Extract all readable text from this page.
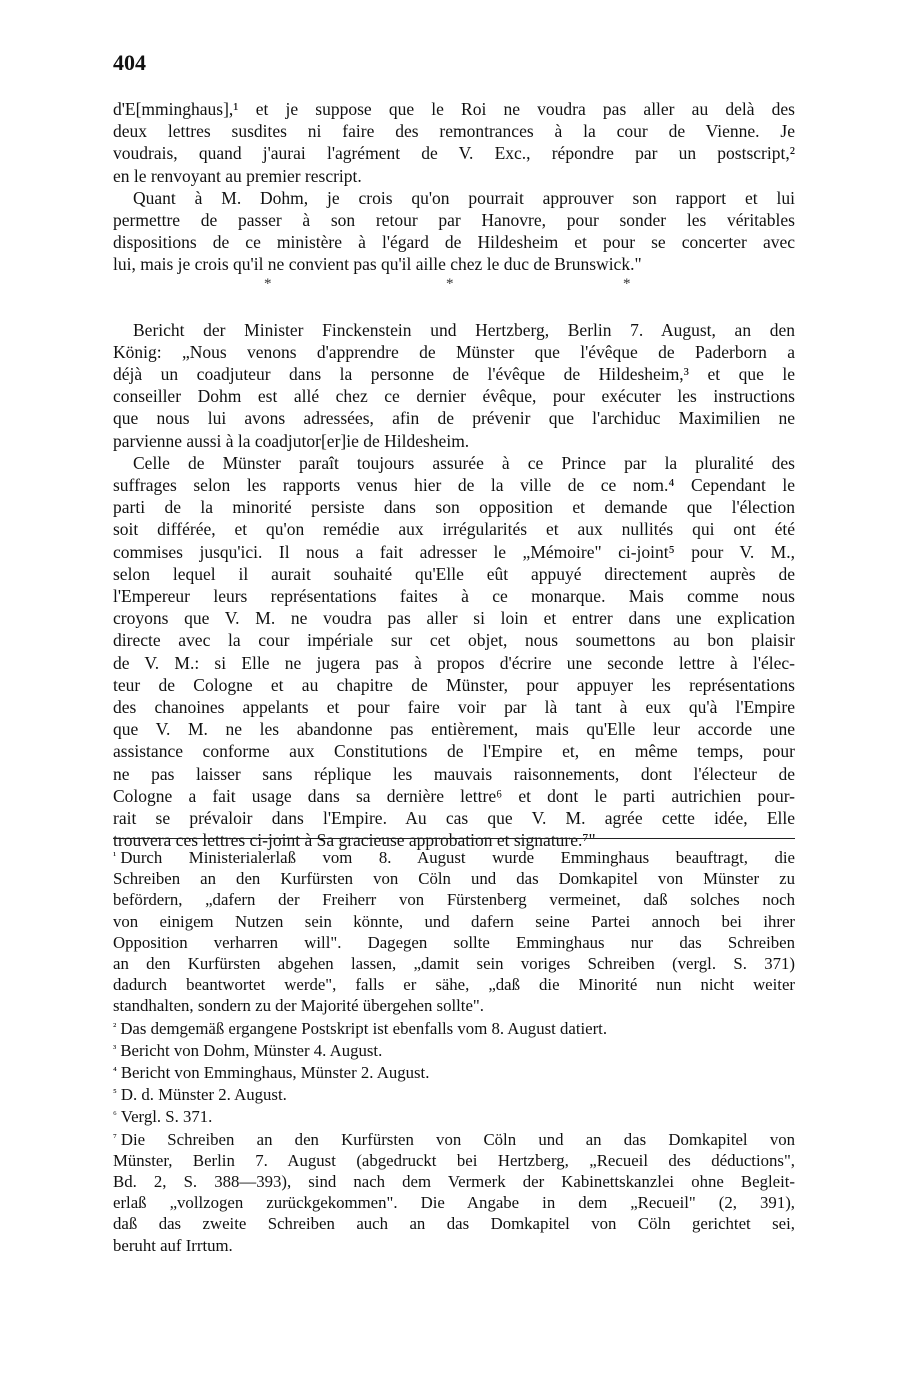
404

d'E[mminghaus],¹ et je suppose que le Roi ne voudra pas aller au delà des
deux lettres susdites ni faire des remontrances à la cour de Vienne. Je
voudrais, quand j'aurai l'agrément de V. Exc., répondre par un postscript,²
en le renvoyant au premier rescript.

Quant à M. Dohm, je crois qu'on pourrait approuver son rapport et lui

permettre de passer à son retour par Hanovre, pour sonder les véritables
dispositions de ce ministère à l'égard de Hildesheim et pour se concerter avec
lui, mais je crois qu'il ne convient pas qu'il aille chez le duc de Brunswick."

Bericht der Minister Finckenstein und Hertzberg, Berlin 7. August, an den

König: „Nous venons d'apprendre de Münster que l'évêque de Paderborn a
déjà un coadjuteur dans la personne de l'évêque de Hildesheim,³ et que le
conseiller Dohm est allé chez ce dernier évêque, pour exécuter les instructions
que nous lui avons adressées, afin de prévenir que l'archiduc Maximilien ne
parvienne aussi à la coadjutor[er]ie de Hildesheim.

Celle de Münster paraît toujours assurée à ce Prince par la pluralité des

suffrages selon les rapports venus hier de la ville de ce nom.⁴ Cependant le
parti de la minorité persiste dans son opposition et demande que l'élection
soit différée, et qu'on remédie aux irrégularités et aux nullités qui ont été
commises jusqu'ici. Il nous a fait adresser le „Mémoire" ci-joint⁵ pour V. M.,
selon lequel il aurait souhaité qu'Elle eût appuyé directement auprès de
l'Empereur leurs représentations faites à ce monarque. Mais comme nous
croyons que V. M. ne voudra pas aller si loin et entrer dans une explication
directe avec la cour impériale sur cet objet, nous soumettons au bon plaisir
de V. M.: si Elle ne jugera pas à propos d'écrire une seconde lettre à l'élec-
teur de Cologne et au chapitre de Münster, pour appuyer les représentations
des chanoines appelants et pour faire voir par là tant à eux qu'à l'Empire
que V. M. ne les abandonne pas entièrement, mais qu'Elle leur accorde une
assistance conforme aux Constitutions de l'Empire et, en même temps, pour
ne pas laisser sans réplique les mauvais raisonnements, dont l'électeur de
Cologne a fait usage dans sa dernière lettre⁶ et dont le parti autrichien pour-
rait se prévaloir dans l'Empire. Au cas que V. M. agrée cette idée, Elle
trouvera ces lettres ci-joint à Sa gracieuse approbation et signature.⁷"

*	*	*

$^{^1}$ Durch Ministerialerlaß vom 8. August wurde Emminghaus beauftragt, die
Schreiben an den Kurfürsten von Cöln und das Domkapitel von Münster zu
befördern, „dafern der Freiherr von Fürstenberg vermeinet, daß solches noch
von einigem Nutzen sein könnte, und dafern seine Partei annoch bei ihrer
Opposition verharren will". Dagegen sollte Emminghaus nur das Schreiben
an den Kurfürsten abgehen lassen, „damit sein voriges Schreiben (vergl. S. 371)
dadurch beantwortet werde", falls er sähe, „daß die Minorité nun nicht weiter
standhalten, sondern zu der Majorité übergehen sollte".

$^{^2}$ Das demgemäß ergangene Postskript ist ebenfalls vom 8. August datiert.

$^{^3}$ Bericht von Dohm, Münster 4. August.

$^{^4}$ Bericht von Emminghaus, Münster 2. August.

$^{^5}$ D. d. Münster 2. August.

$^{^6}$ Vergl. S. 371.

$^{^7}$ Die Schreiben an den Kurfürsten von Cöln und an das Domkapitel von
Münster, Berlin 7. August (abgedruckt bei Hertzberg, „Recueil des déductions",
Bd. 2, S. 388—393), sind nach dem Vermerk der Kabinettskanzlei ohne Begleit-
erlaß „vollzogen zurückgekommen". Die Angabe in dem „Recueil" (2, 391),
daß das zweite Schreiben auch an das Domkapitel von Cöln gerichtet sei,
beruht auf Irrtum.
